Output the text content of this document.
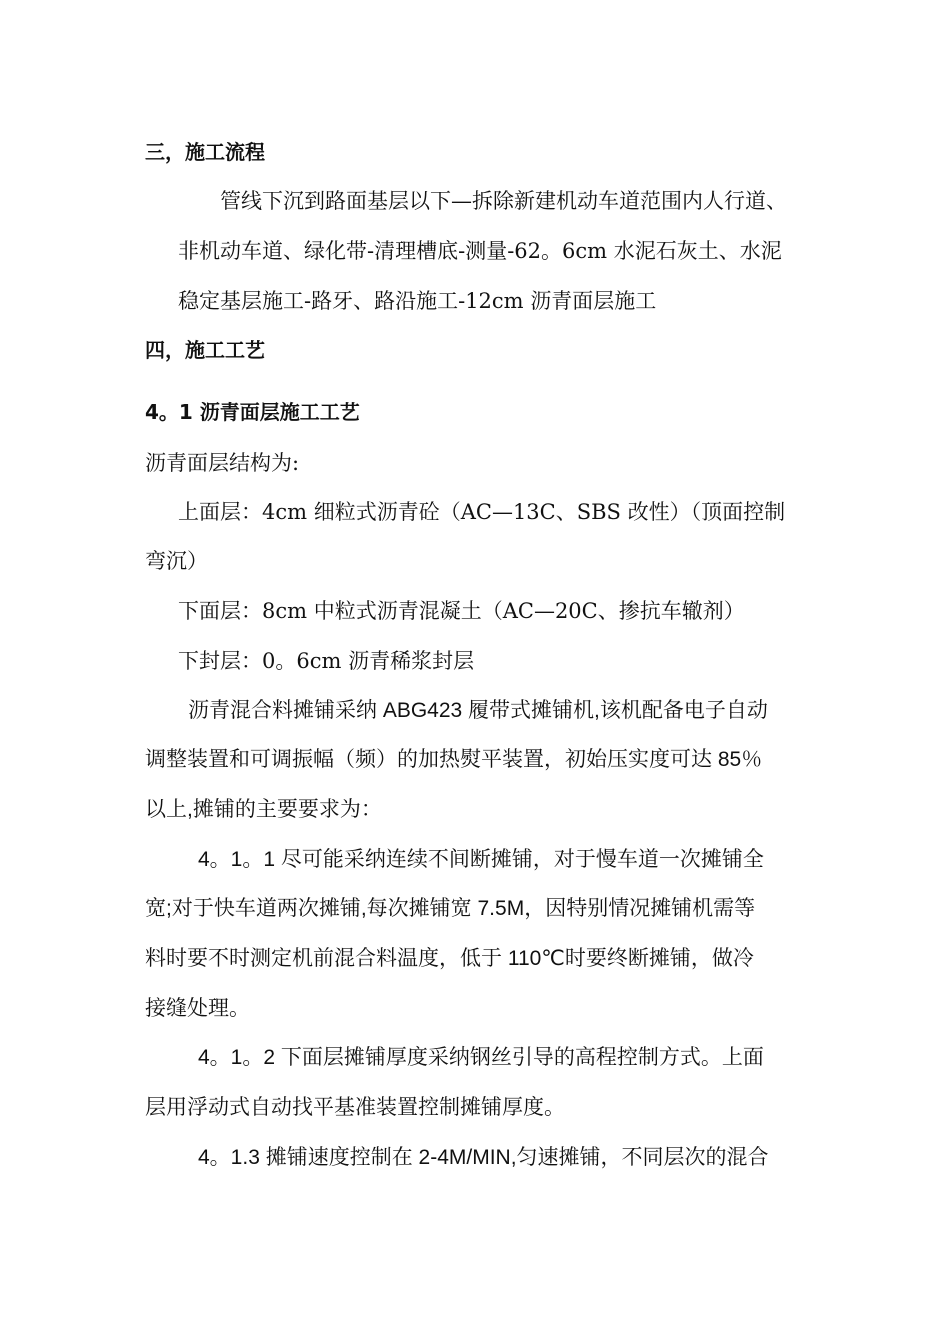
三，施工流程

管线下沉到路面基层以下—拆除新建机动车道范围内人行道、

非机动车道、绿化带-清理槽底-测量-62。6cm 水泥石灰土、水泥

稳定基层施工-路牙、路沿施工-12cm 沥青面层施工

四，施工工艺

4。1 沥青面层施工工艺

沥青面层结构为:

上面层：4cm 细粒式沥青砼（AC—13C、SBS 改性）（顶面控制

弯沉）

下面层：8cm 中粒式沥青混凝土（AC—20C、掺抗车辙剂）

下封层：0。6cm 沥青稀浆封层

沥青混合料摊铺采纳 ABG423 履带式摊铺机,该机配备电子自动

调整装置和可调振幅（频）的加热熨平装置，初始压实度可达 85％

以上,摊铺的主要要求为：

4。1。1 尽可能采纳连续不间断摊铺，对于慢车道一次摊铺全

宽;对于快车道两次摊铺,每次摊铺宽 7.5M，因特别情况摊铺机需等

料时要不时测定机前混合料温度，低于 110℃时要终断摊铺，做冷

接缝处理。

4。1。2 下面层摊铺厚度采纳钢丝引导的高程控制方式。上面

层用浮动式自动找平基准装置控制摊铺厚度。

4。1.3 摊铺速度控制在 2-4M/MIN,匀速摊铺，不同层次的混合
